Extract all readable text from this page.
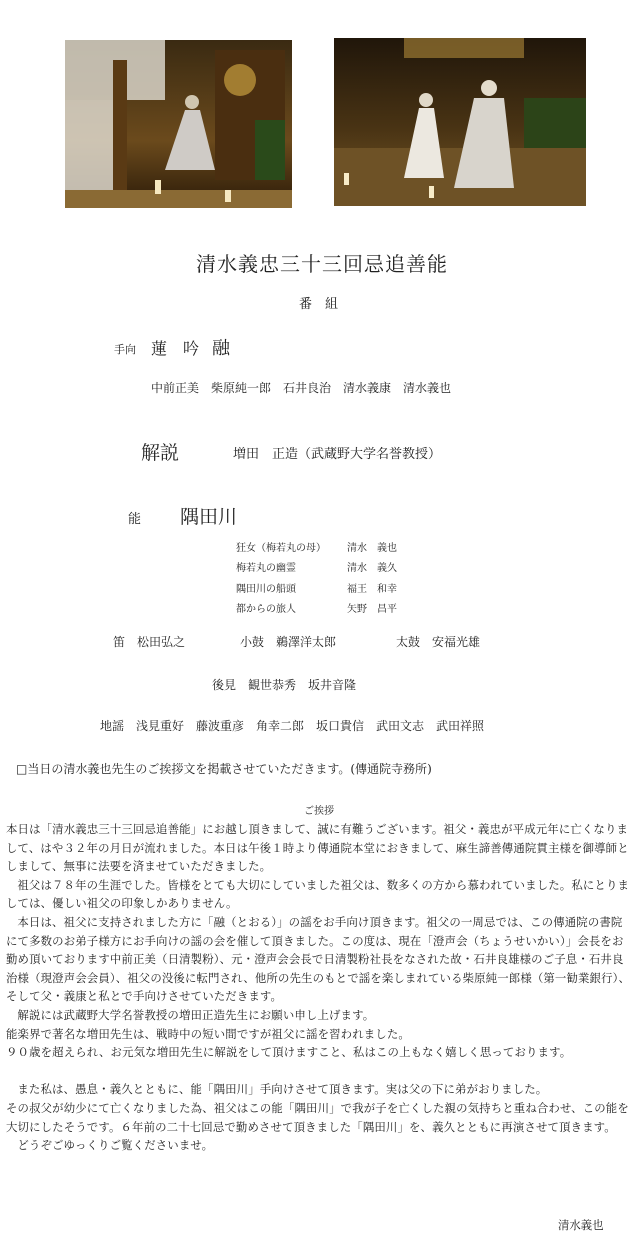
清水義忠三十三回忌追善能
番　組
手向 蓮　吟 融
中前正美　柴原純一郎　石井良治　清水義康　清水義也
解説	増田　正造（武蔵野大学名誉教授）
能 隅田川
狂女（梅若丸の母） 清水　義也
梅若丸の幽霊	清水　義久
隅田川の船頭	福王　和幸
都からの旅人	矢野　昌平
笛　松田弘之	小鼓　鵜澤洋太郎	太鼓　安福光雄
後見　観世恭秀　坂井音隆
地謡　浅見重好　藤波重彦　角幸二郎　坂口貴信　武田文志　武田祥照
□当日の清水義也先生のご挨拶文を掲載させていただきます。(傳通院寺務所)
ご挨拶

本日は「清水義忠三十三回忌追善能」にお越し頂きまして、誠に有難うございます。祖父・義忠が平成元年に亡くなりまして、はや３２年の月日が流れました。本日は午後１時より傳通院本堂におきまして、麻生諦善傳通院貫主様を御導師としまして、無事に法要を済ませていただきました。

祖父は７８年の生涯でした。皆様をとても大切にしていました祖父は、数多くの方から慕われていました。私にとりましては、優しい祖父の印象しかありません。

本日は、祖父に支持されました方に「融（とおる）」の謡をお手向け頂きます。祖父の一周忌では、この傳通院の書院にて多数のお弟子様方にお手向けの謡の会を催して頂きました。この度は、現在「澄声会（ちょうせいかい）」会長をお勤め頂いております中前正美（日清製粉）、元・澄声会会長で日清製粉社長をなされた故・石井良雄様のご子息・石井良治様（現澄声会会員）、祖父の没後に転門され、他所の先生のもとで謡を楽しまれている柴原純一郎様（第一勧業銀行）、そして父・義康と私とで手向けさせていただきます。

解説には武蔵野大学名誉教授の増田正造先生にお願い申し上げます。

能楽界で著名な増田先生は、戦時中の短い間ですが祖父に謡を習われました。

９０歳を超えられ、お元気な増田先生に解説をして頂けますこと、私はこの上もなく嬉しく思っております。

また私は、愚息・義久とともに、能「隅田川」手向けさせて頂きます。実は父の下に弟がおりました。

その叔父が幼少にて亡くなりました為、祖父はこの能「隅田川」で我が子を亡くした親の気持ちと重ね合わせ、この能を大切にしたそうです。６年前の二十七回忌で勤めさせて頂きました「隅田川」を、義久とともに再演させて頂きます。

どうぞごゆっくりご覧くださいませ。

清水義也
